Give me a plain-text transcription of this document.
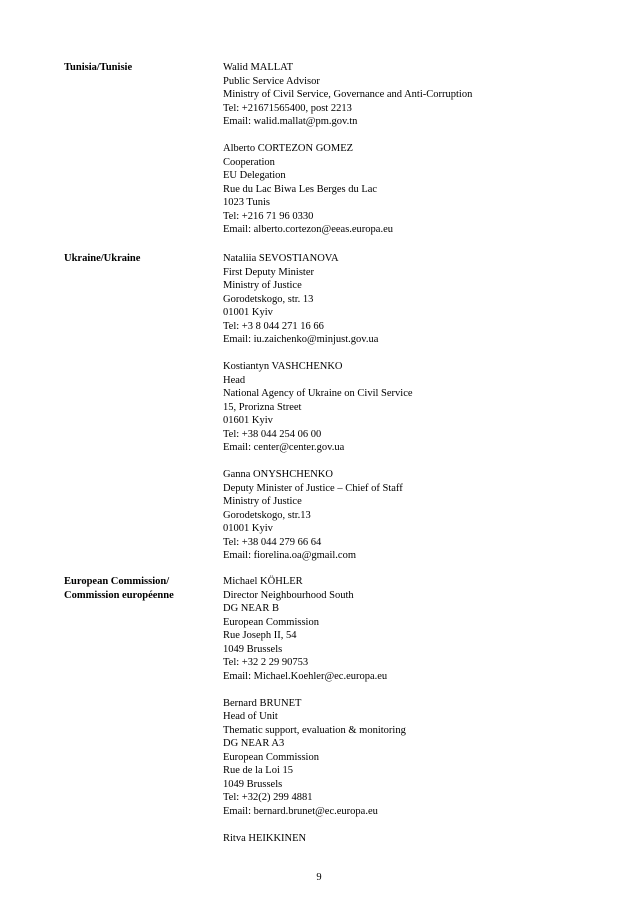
Tunisia/Tunisie	Walid MALLAT
Public Service Advisor
Ministry of Civil Service, Governance and Anti-Corruption
Tel: +21671565400, post 2213
Email: walid.mallat@pm.gov.tn
Alberto CORTEZON GOMEZ
Cooperation
EU Delegation
Rue du Lac Biwa Les Berges du Lac
1023 Tunis
Tel: +216 71 96 0330
Email: alberto.cortezon@eeas.europa.eu
Ukraine/Ukraine	Nataliia SEVOSTIANOVA
First Deputy Minister
Ministry of Justice
Gorodetskogo, str. 13
01001 Kyiv
Tel: +3 8 044 271 16 66
Email: iu.zaichenko@minjust.gov.ua
Kostiantyn VASHCHENKO
Head
National Agency of Ukraine on Civil Service
15, Prorizna Street
01601 Kyiv
Tel: +38 044 254 06 00
Email: center@center.gov.ua
Ganna ONYSHCHENKO
Deputy Minister of Justice – Chief of Staff
Ministry of Justice
Gorodetskogo, str.13
01001 Kyiv
Tel: +38 044 279 66 64
Email: fiorelina.oa@gmail.com
European Commission/
Commission européenne
Michael KÖHLER
Director Neighbourhood South
DG NEAR B
European Commission
Rue Joseph II, 54
1049 Brussels
Tel: +32 2 29 90753
Email: Michael.Koehler@ec.europa.eu
Bernard BRUNET
Head of Unit
Thematic support, evaluation & monitoring
DG NEAR A3
European Commission
Rue de la Loi 15
1049 Brussels
Tel: +32(2) 299 4881
Email: bernard.brunet@ec.europa.eu
Ritva HEIKKINEN
9
